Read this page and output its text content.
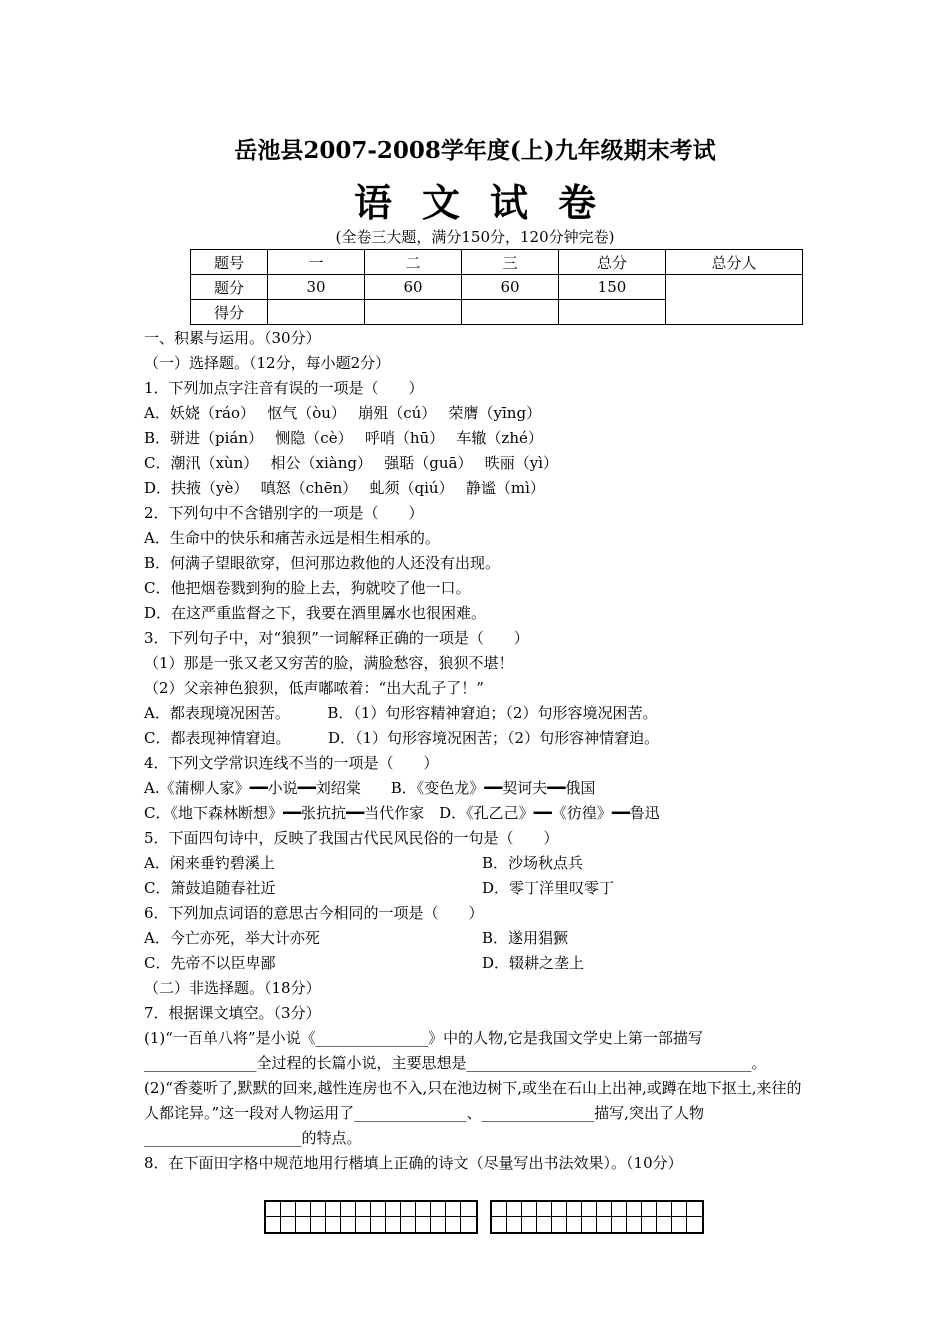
岳池县2007-2008学年度(上)九年级期末考试
语文试卷
(全卷三大题，满分150分，120分钟完卷)
题号	一	二	三	总分	总分人
题分	30	60	60	150	
得分					
一、积累与运用。（30分）
（一）选择题。（12分，每小题2分）
1．下列加点字注音有误的一项是（　　）
A．妖娆（ráo）　 怄气（òu）　 崩殂（cú）　 荣膺（yīng）
B．骈进（pián）　 恻隐（cè）　 呼哨（hū）　 车辙（zhé）
C．潮汛（xùn）　 相公（xiàng）　 强聒（guā）　 昳丽（yì）
D．扶掖（yè）　 嗔怒（chēn）　 虬须（qiú）　 静谧（mì）
2．下列句中不含错别字的一项是（　　）
A．生命中的快乐和痛苦永远是相生相承的。
B．何满子望眼欲穿，但河那边救他的人还没有出现。
C．他把烟卷戮到狗的脸上去，狗就咬了他一口。
D．在这严重监督之下，我要在酒里羼水也很困难。
3．下列句子中，对“狼狈”一词解释正确的一项是（　　）
（1）那是一张又老又穷苦的脸，满脸愁容，狼狈不堪！
（2）父亲神色狼狈，低声嘟哝着：“出大乱子了！”
A．都表现境况困苦。　　　B．（1）句形容精神窘迫；（2）句形容境况困苦。
C．都表现神情窘迫。　　　D．（1）句形容境况困苦；（2）句形容神情窘迫。
4．下列文学常识连线不当的一项是（　　）
A.《蒲柳人家》━━小说━━刘绍棠　　B．《变色龙》━━契诃夫━━俄国
C．《地下森林断想》━━张抗抗━━当代作家　D．《孔乙己》━━《彷徨》━━鲁迅
5．下面四句诗中，反映了我国古代民风民俗的一句是（　　）
A．闲来垂钓碧溪上	B．沙场秋点兵
C．箫鼓追随春社近	D．零丁洋里叹零丁
6．下列加点词语的意思古今相同的一项是（　　）
A．今亡亦死，举大计亦死	B．遂用猖獗
C．先帝不以臣卑鄙	D．辍耕之垄上
（二）非选择题。（18分）
7．根据课文填空。（3分）
(1)“一百单八将”是小说《_______________》中的人物,它是我国文学史上第一部描写_______________全过程的长篇小说，主要思想是______________________________________。
(2)“香菱听了,默默的回来,越性连房也不入,只在池边树下,或坐在石山上出神,或蹲在地下抠土,来往的人都诧异。”这一段对人物运用了_______________、_______________描写,突出了人物_____________________的特点。
8．在下面田字格中规范地用行楷填上正确的诗文（尽量写出书法效果）。（10分）
